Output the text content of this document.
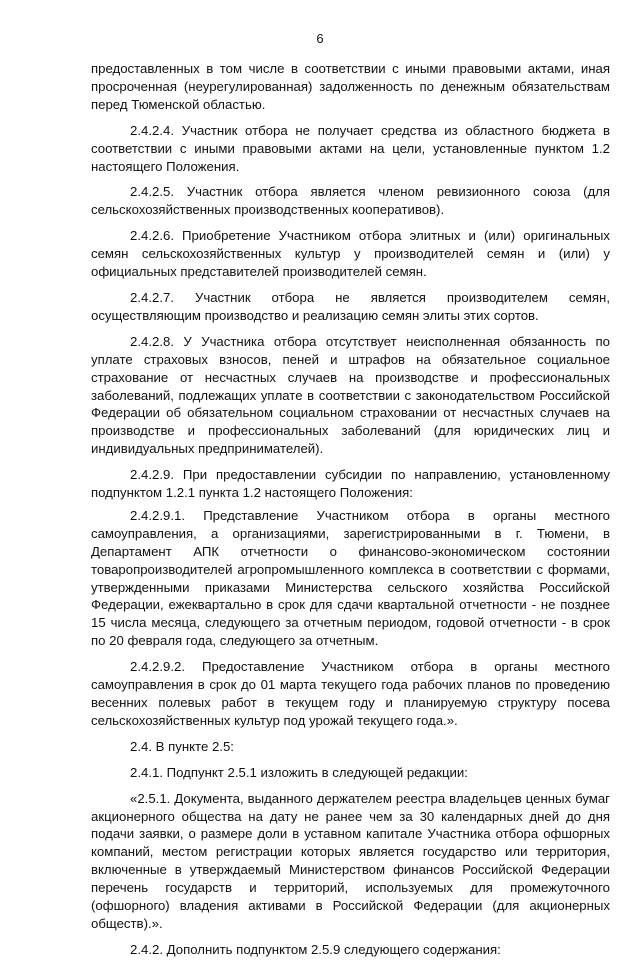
6

предоставленных в том числе в соответствии с иными правовыми актами, иная просроченная (неурегулированная) задолженность по денежным обязательствам перед Тюменской областью.

2.4.2.4. Участник отбора не получает средства из областного бюджета в соответствии с иными правовыми актами на цели, установленные пунктом 1.2 настоящего Положения.

2.4.2.5. Участник отбора является членом ревизионного союза (для сельскохозяйственных производственных кооперативов).

2.4.2.6. Приобретение Участником отбора элитных и (или) оригинальных семян сельскохозяйственных культур у производителей семян и (или) у официальных представителей производителей семян.

2.4.2.7. Участник отбора не является производителем семян, осуществляющим производство и реализацию семян элиты этих сортов.

2.4.2.8. У Участника отбора отсутствует неисполненная обязанность по уплате страховых взносов, пеней и штрафов на обязательное социальное страхование от несчастных случаев на производстве и профессиональных заболеваний, подлежащих уплате в соответствии с законодательством Российской Федерации об обязательном социальном страховании от несчастных случаев на производстве и профессиональных заболеваний (для юридических лиц и индивидуальных предпринимателей).

2.4.2.9. При предоставлении субсидии по направлению, установленному подпунктом 1.2.1 пункта 1.2 настоящего Положения:

2.4.2.9.1. Представление Участником отбора в органы местного самоуправления, а организациями, зарегистрированными в г. Тюмени, в Департамент АПК отчетности о финансово-экономическом состоянии товаропроизводителей агропромышленного комплекса в соответствии с формами, утвержденными приказами Министерства сельского хозяйства Российской Федерации, ежеквартально в срок для сдачи квартальной отчетности - не позднее 15 числа месяца, следующего за отчетным периодом, годовой отчетности - в срок по 20 февраля года, следующего за отчетным.

2.4.2.9.2. Предоставление Участником отбора в органы местного самоуправления в срок до 01 марта текущего года рабочих планов по проведению весенних полевых работ в текущем году и планируемую структуру посева сельскохозяйственных культур под урожай текущего года.».

2.4. В пункте 2.5:

2.4.1. Подпункт 2.5.1 изложить в следующей редакции:

«2.5.1. Документа, выданного держателем реестра владельцев ценных бумаг акционерного общества на дату не ранее чем за 30 календарных дней до дня подачи заявки, о размере доли в уставном капитале Участника отбора офшорных компаний, местом регистрации которых является государство или территория, включенные в утверждаемый Министерством финансов Российской Федерации перечень государств и территорий, используемых для промежуточного (офшорного) владения активами в Российской Федерации (для акционерных обществ).».

2.4.2. Дополнить подпунктом 2.5.9 следующего содержания:
